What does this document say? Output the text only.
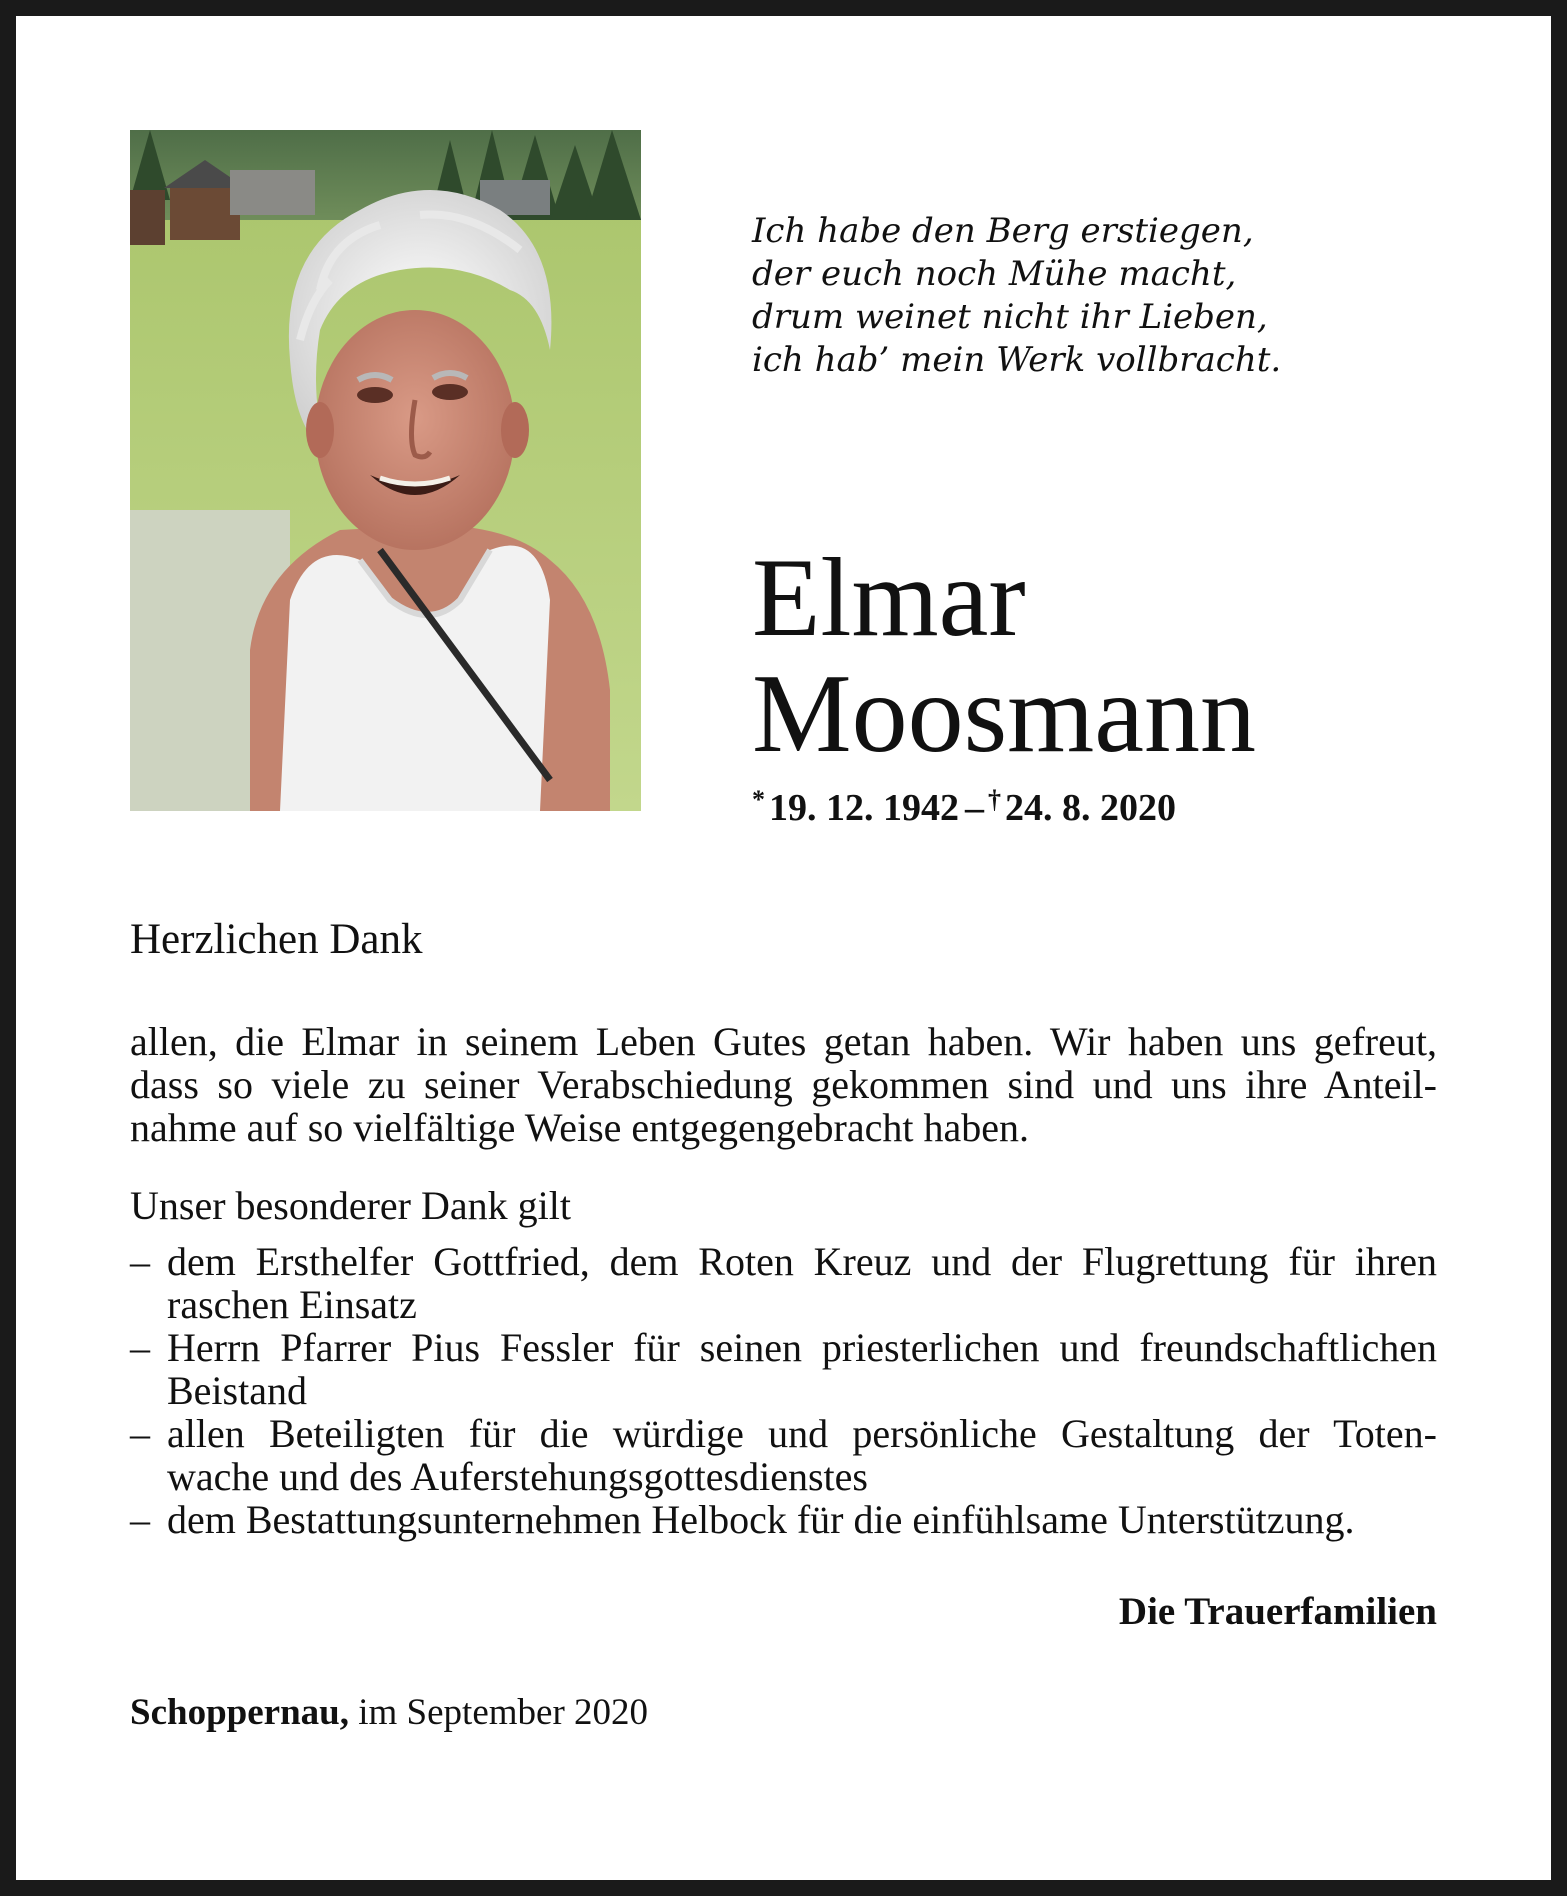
Ich habe den Berg erstiegen,
der euch noch Mühe macht,
drum weinet nicht ihr Lieben,
ich hab’ mein Werk vollbracht.
Elmar
Moosmann
* 19. 12. 1942 – † 24. 8. 2020
Herzlichen Dank
allen, die Elmar in seinem Leben Gutes getan haben. Wir haben uns gefreut,
dass so viele zu seiner Verabschiedung gekommen sind und uns ihre Anteil-
nahme auf so vielfältige Weise entgegengebracht haben.
Unser besonderer Dank gilt
– dem Ersthelfer Gottfried, dem Roten Kreuz und der Flugrettung für ihren
raschen Einsatz
– Herrn Pfarrer Pius Fessler für seinen priesterlichen und freundschaftlichen
Beistand
– allen Beteiligten für die würdige und persönliche Gestaltung der Toten-
wache und des Auferstehungsgottesdienstes
– dem Bestattungsunternehmen Helbock für die einfühlsame Unterstützung.
Die Trauerfamilien
Schoppernau, im September 2020
